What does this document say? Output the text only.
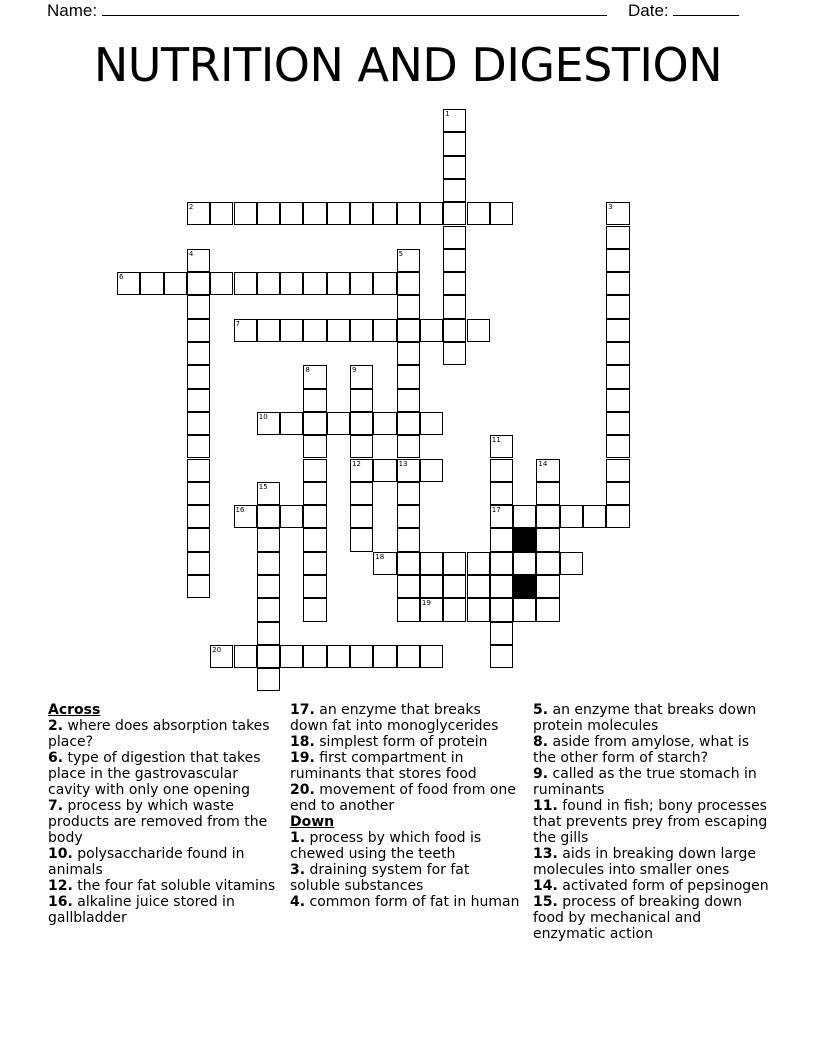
Name:	Date:
NUTRITION AND DIGESTION
1
2	3
4	5
6
7
8	9
10
11
12	13	14
15
16	17
18
19
20
Across
2. where does absorption takes place?
6. type of digestion that takes place in the gastrovascular cavity with only one opening
7. process by which waste products are removed from the body
10. polysaccharide found in animals
12. the four fat soluble vitamins
16. alkaline juice stored in gallbladder
17. an enzyme that breaks down fat into monoglycerides
18. simplest form of protein
19. first compartment in ruminants that stores food
20. movement of food from one end to another
Down
1. process by which food is chewed using the teeth
3. draining system for fat soluble substances
4. common form of fat in human
5. an enzyme that breaks down protein molecules
8. aside from amylose, what is the other form of starch?
9. called as the true stomach in ruminants
11. found in fish; bony processes that prevents prey from escaping the gills
13. aids in breaking down large molecules into smaller ones
14. activated form of pepsinogen
15. process of breaking down food by mechanical and enzymatic action
